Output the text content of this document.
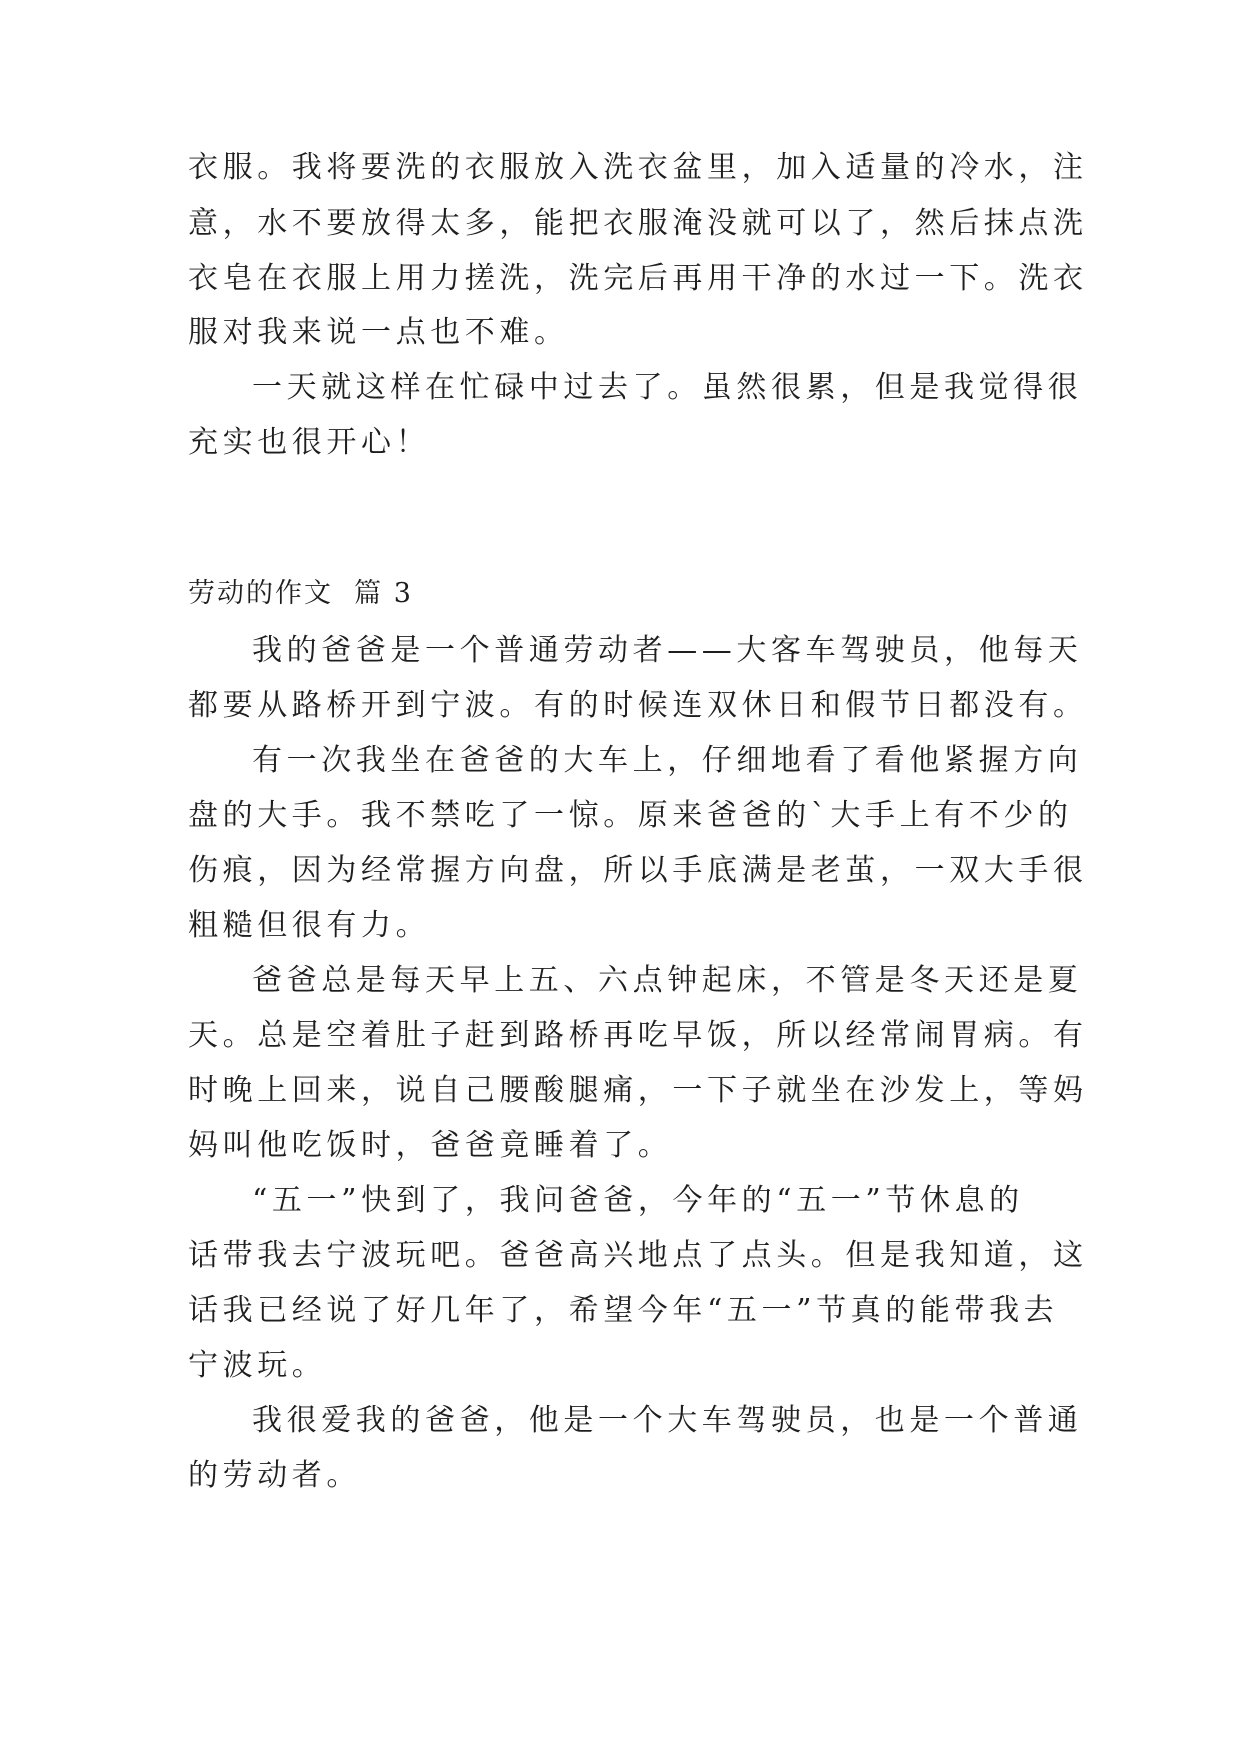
衣服。我将要洗的衣服放入洗衣盆里，加入适量的冷水，注
意，水不要放得太多，能把衣服淹没就可以了，然后抹点洗
衣皂在衣服上用力搓洗，洗完后再用干净的水过一下。洗衣
服对我来说一点也不难。
一天就这样在忙碌中过去了。虽然很累，但是我觉得很
充实也很开心！
劳动的作文  篇 3
我的爸爸是一个普通劳动者——大客车驾驶员，他每天
都要从路桥开到宁波。有的时候连双休日和假节日都没有。
有一次我坐在爸爸的大车上，仔细地看了看他紧握方向
盘的大手。我不禁吃了一惊。原来爸爸的`大手上有不少的
伤痕，因为经常握方向盘，所以手底满是老茧，一双大手很
粗糙但很有力。
爸爸总是每天早上五、六点钟起床，不管是冬天还是夏
天。总是空着肚子赶到路桥再吃早饭，所以经常闹胃病。有
时晚上回来，说自己腰酸腿痛，一下子就坐在沙发上，等妈
妈叫他吃饭时，爸爸竟睡着了。
“五一”快到了，我问爸爸，今年的“五一”节休息的
话带我去宁波玩吧。爸爸高兴地点了点头。但是我知道，这
话我已经说了好几年了，希望今年“五一”节真的能带我去
宁波玩。
我很爱我的爸爸，他是一个大车驾驶员，也是一个普通
的劳动者。
